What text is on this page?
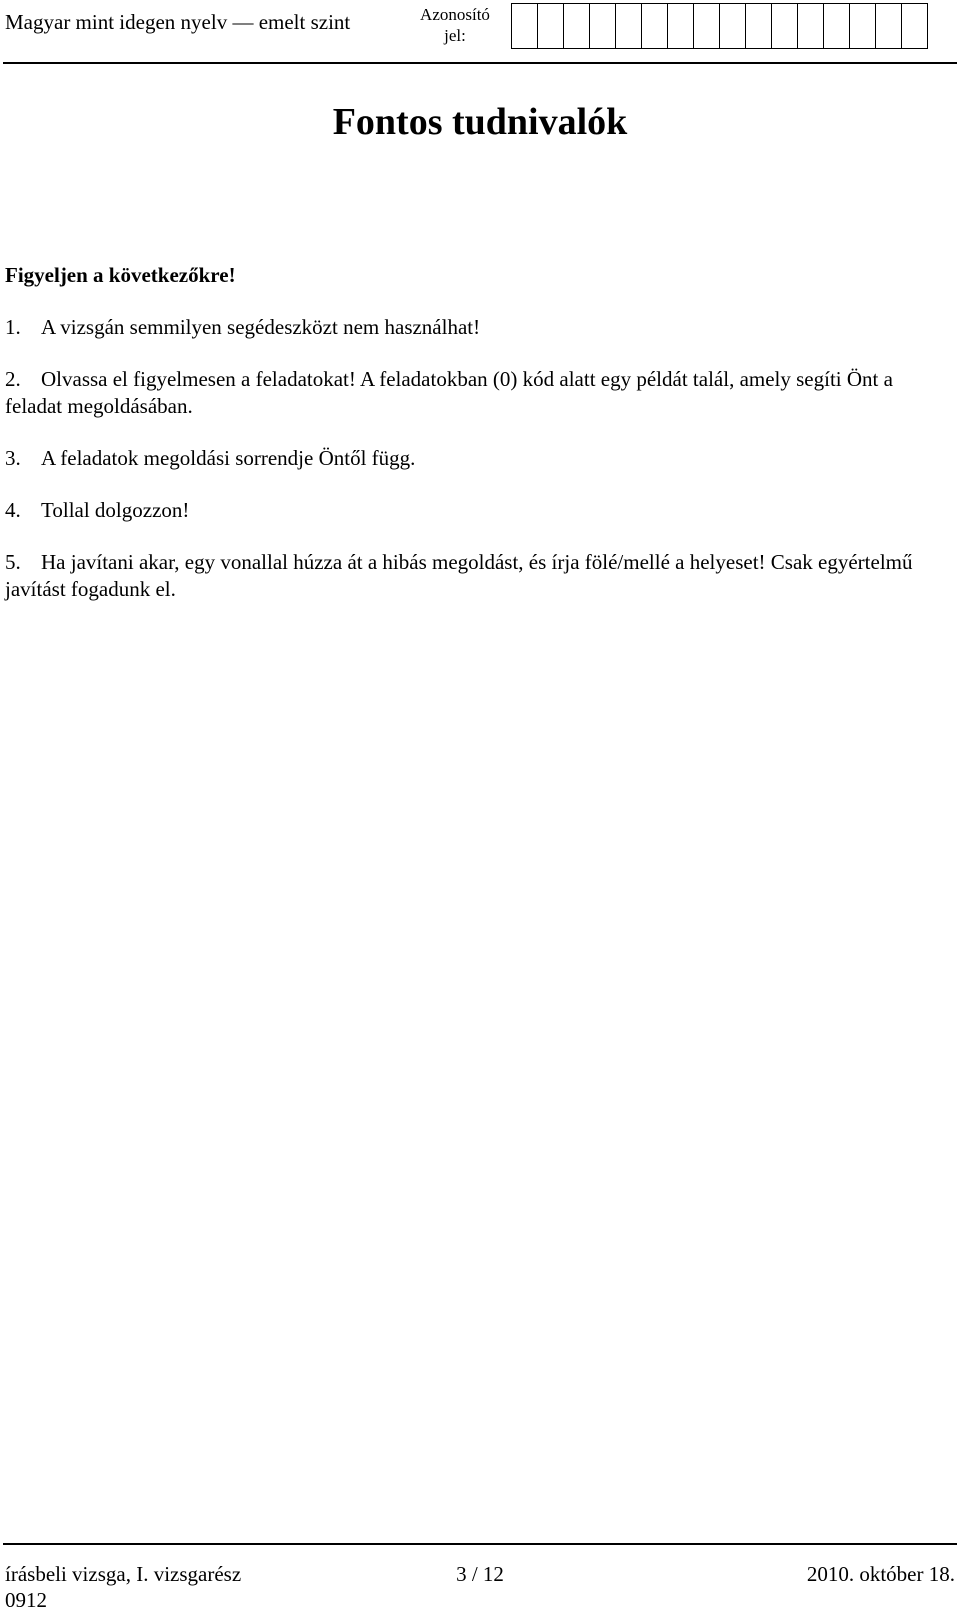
Magyar mint idegen nyelv — emelt szint	Azonosító
jel:
Fontos tudnivalók

Figyeljen a következőkre!

1. A vizsgán semmilyen segédeszközt nem használhat!

2. Olvassa el figyelmesen a feladatokat! A feladatokban (0) kód alatt egy példát talál, amely segíti Önt a feladat megoldásában.

3. A feladatok megoldási sorrendje Öntől függ.

4. Tollal dolgozzon!

5. Ha javítani akar, egy vonallal húzza át a hibás megoldást, és írja fölé/mellé a helyeset! Csak egyértelmű javítást fogadunk el.

3 / 12
írásbeli vizsga, I. vizsgarész	2010. október 18.
0912
